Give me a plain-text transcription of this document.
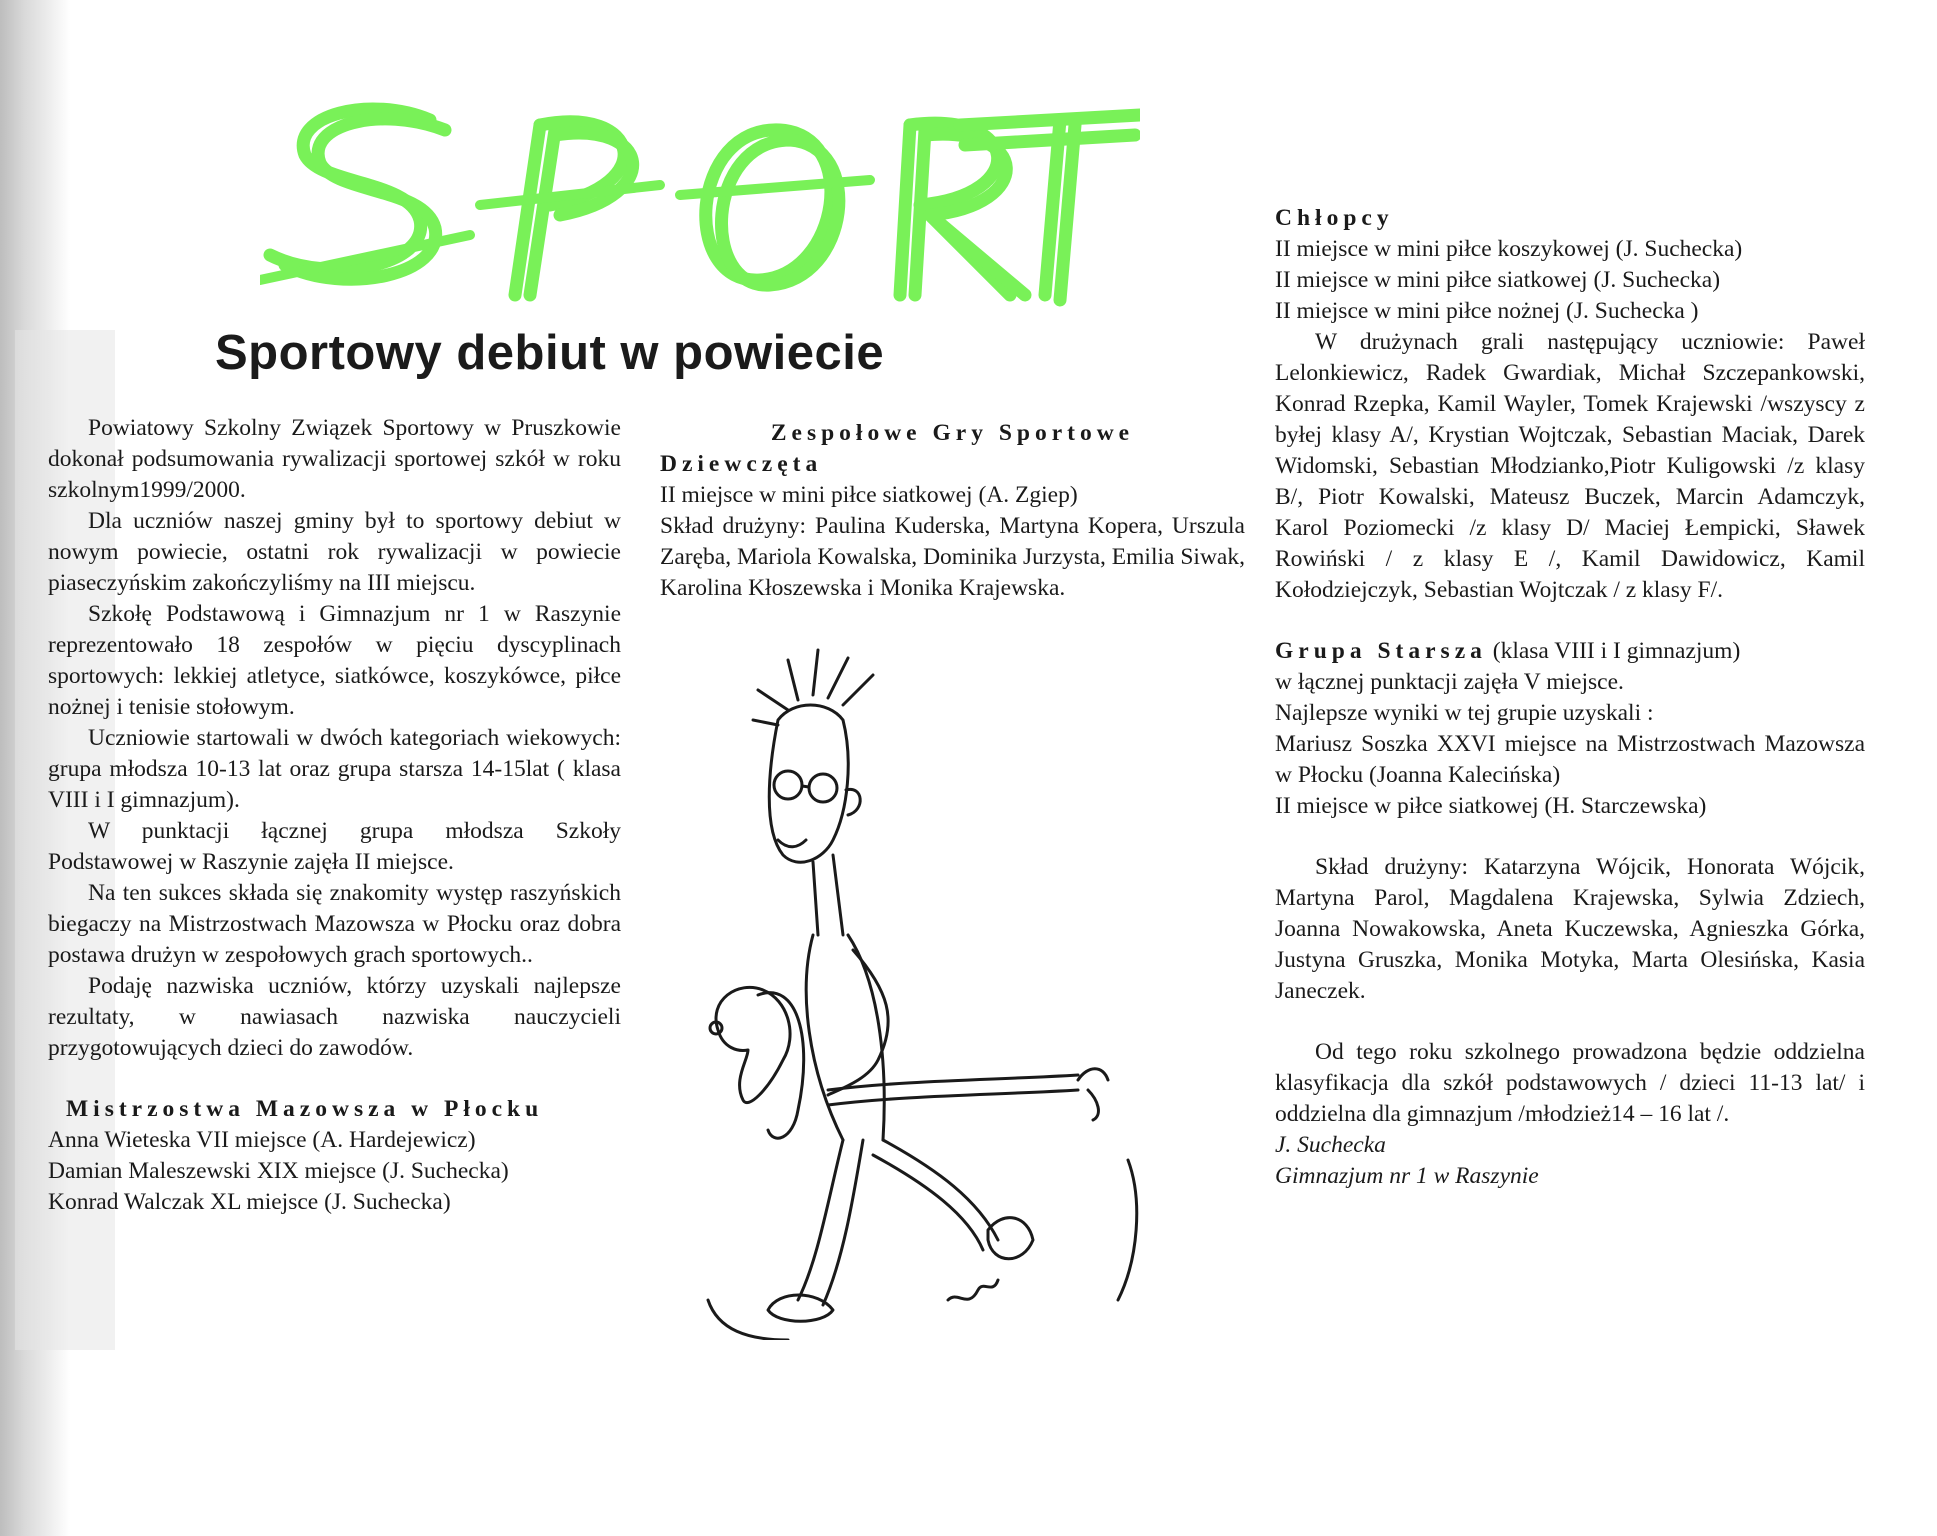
Sportowy debiut w powiecie

Powiatowy Szkolny Związek Sportowy w Pruszkowie dokonał podsumowania rywalizacji sportowej szkół w roku szkolnym1999/2000.

Dla uczniów naszej gminy był to sportowy debiut w nowym powiecie, ostatni rok rywalizacji w powiecie piaseczyńskim zakończyliśmy na III miejscu.

Szkołę Podstawową i Gimnazjum nr 1 w Raszynie reprezentowało 18 zespołów w pięciu dyscyplinach sportowych: lekkiej atletyce, siatkówce, koszykówce, piłce nożnej i tenisie stołowym.

Uczniowie startowali w dwóch kategoriach wiekowych: grupa młodsza 10-13 lat oraz grupa starsza 14-15lat ( klasa VIII i I gimnazjum).

W punktacji łącznej grupa młodsza Szkoły Podstawowej w Raszynie zajęła II miejsce.

Na ten sukces składa się znakomity występ raszyńskich biegaczy na Mistrzostwach Mazowsza w Płocku oraz dobra postawa drużyn w zespołowych grach sportowych..

Podaję nazwiska uczniów, którzy uzyskali najlepsze rezultaty, w nawiasach nazwiska nauczycieli przygotowujących dzieci do zawodów.

Mistrzostwa Mazowsza w Płocku

Anna Wieteska VII miejsce (A. Hardejewicz)

Damian Maleszewski XIX miejsce (J. Suchecka)

Konrad Walczak XL miejsce (J. Suchecka)

Zespołowe Gry Sportowe

Dziewczęta

II miejsce w mini piłce siatkowej (A. Zgiep)

Skład drużyny: Paulina Kuderska, Martyna Kopera, Urszula Zaręba, Mariola Kowalska, Dominika Jurzysta, Emilia Siwak, Karolina Kłoszewska i Monika Krajewska.

Chłopcy

II miejsce w mini piłce koszykowej (J. Suchecka)

II miejsce w mini piłce siatkowej (J. Suchecka)

II miejsce w mini piłce nożnej (J. Suchecka )

W drużynach grali następujący uczniowie: Paweł Lelonkiewicz, Radek Gwardiak, Michał Szczepankowski, Konrad Rzepka, Kamil Wayler, Tomek Krajewski /wszyscy z byłej klasy A/, Krystian Wojtczak, Sebastian Maciak, Darek Widomski, Sebastian Młodzianko,Piotr Kuligowski /z klasy B/, Piotr Kowalski, Mateusz Buczek, Marcin Adamczyk, Karol Poziomecki /z klasy D/ Maciej Łempicki, Sławek Rowiński / z klasy E /, Kamil Dawidowicz, Kamil Kołodziejczyk, Sebastian Wojtczak / z klasy F/.

Grupa Starsza (klasa VIII i I gimnazjum)

w łącznej punktacji zajęła V miejsce.

Najlepsze wyniki w tej grupie uzyskali :

Mariusz Soszka XXVI miejsce na Mistrzostwach Mazowsza w Płocku (Joanna Kalecińska)

II miejsce w piłce siatkowej (H. Starczewska)

Skład drużyny: Katarzyna Wójcik, Honorata Wójcik, Martyna Parol, Magdalena Krajewska, Sylwia Zdziech, Joanna Nowakowska, Aneta Kuczewska, Agnieszka Górka, Justyna Gruszka, Monika Motyka, Marta Olesińska, Kasia Janeczek.

Od tego roku szkolnego prowadzona będzie oddzielna klasyfikacja dla szkół podstawowych / dzieci 11-13 lat/ i oddzielna dla gimnazjum /młodzież14 – 16 lat /.

J. Suchecka

Gimnazjum nr 1 w Raszynie
